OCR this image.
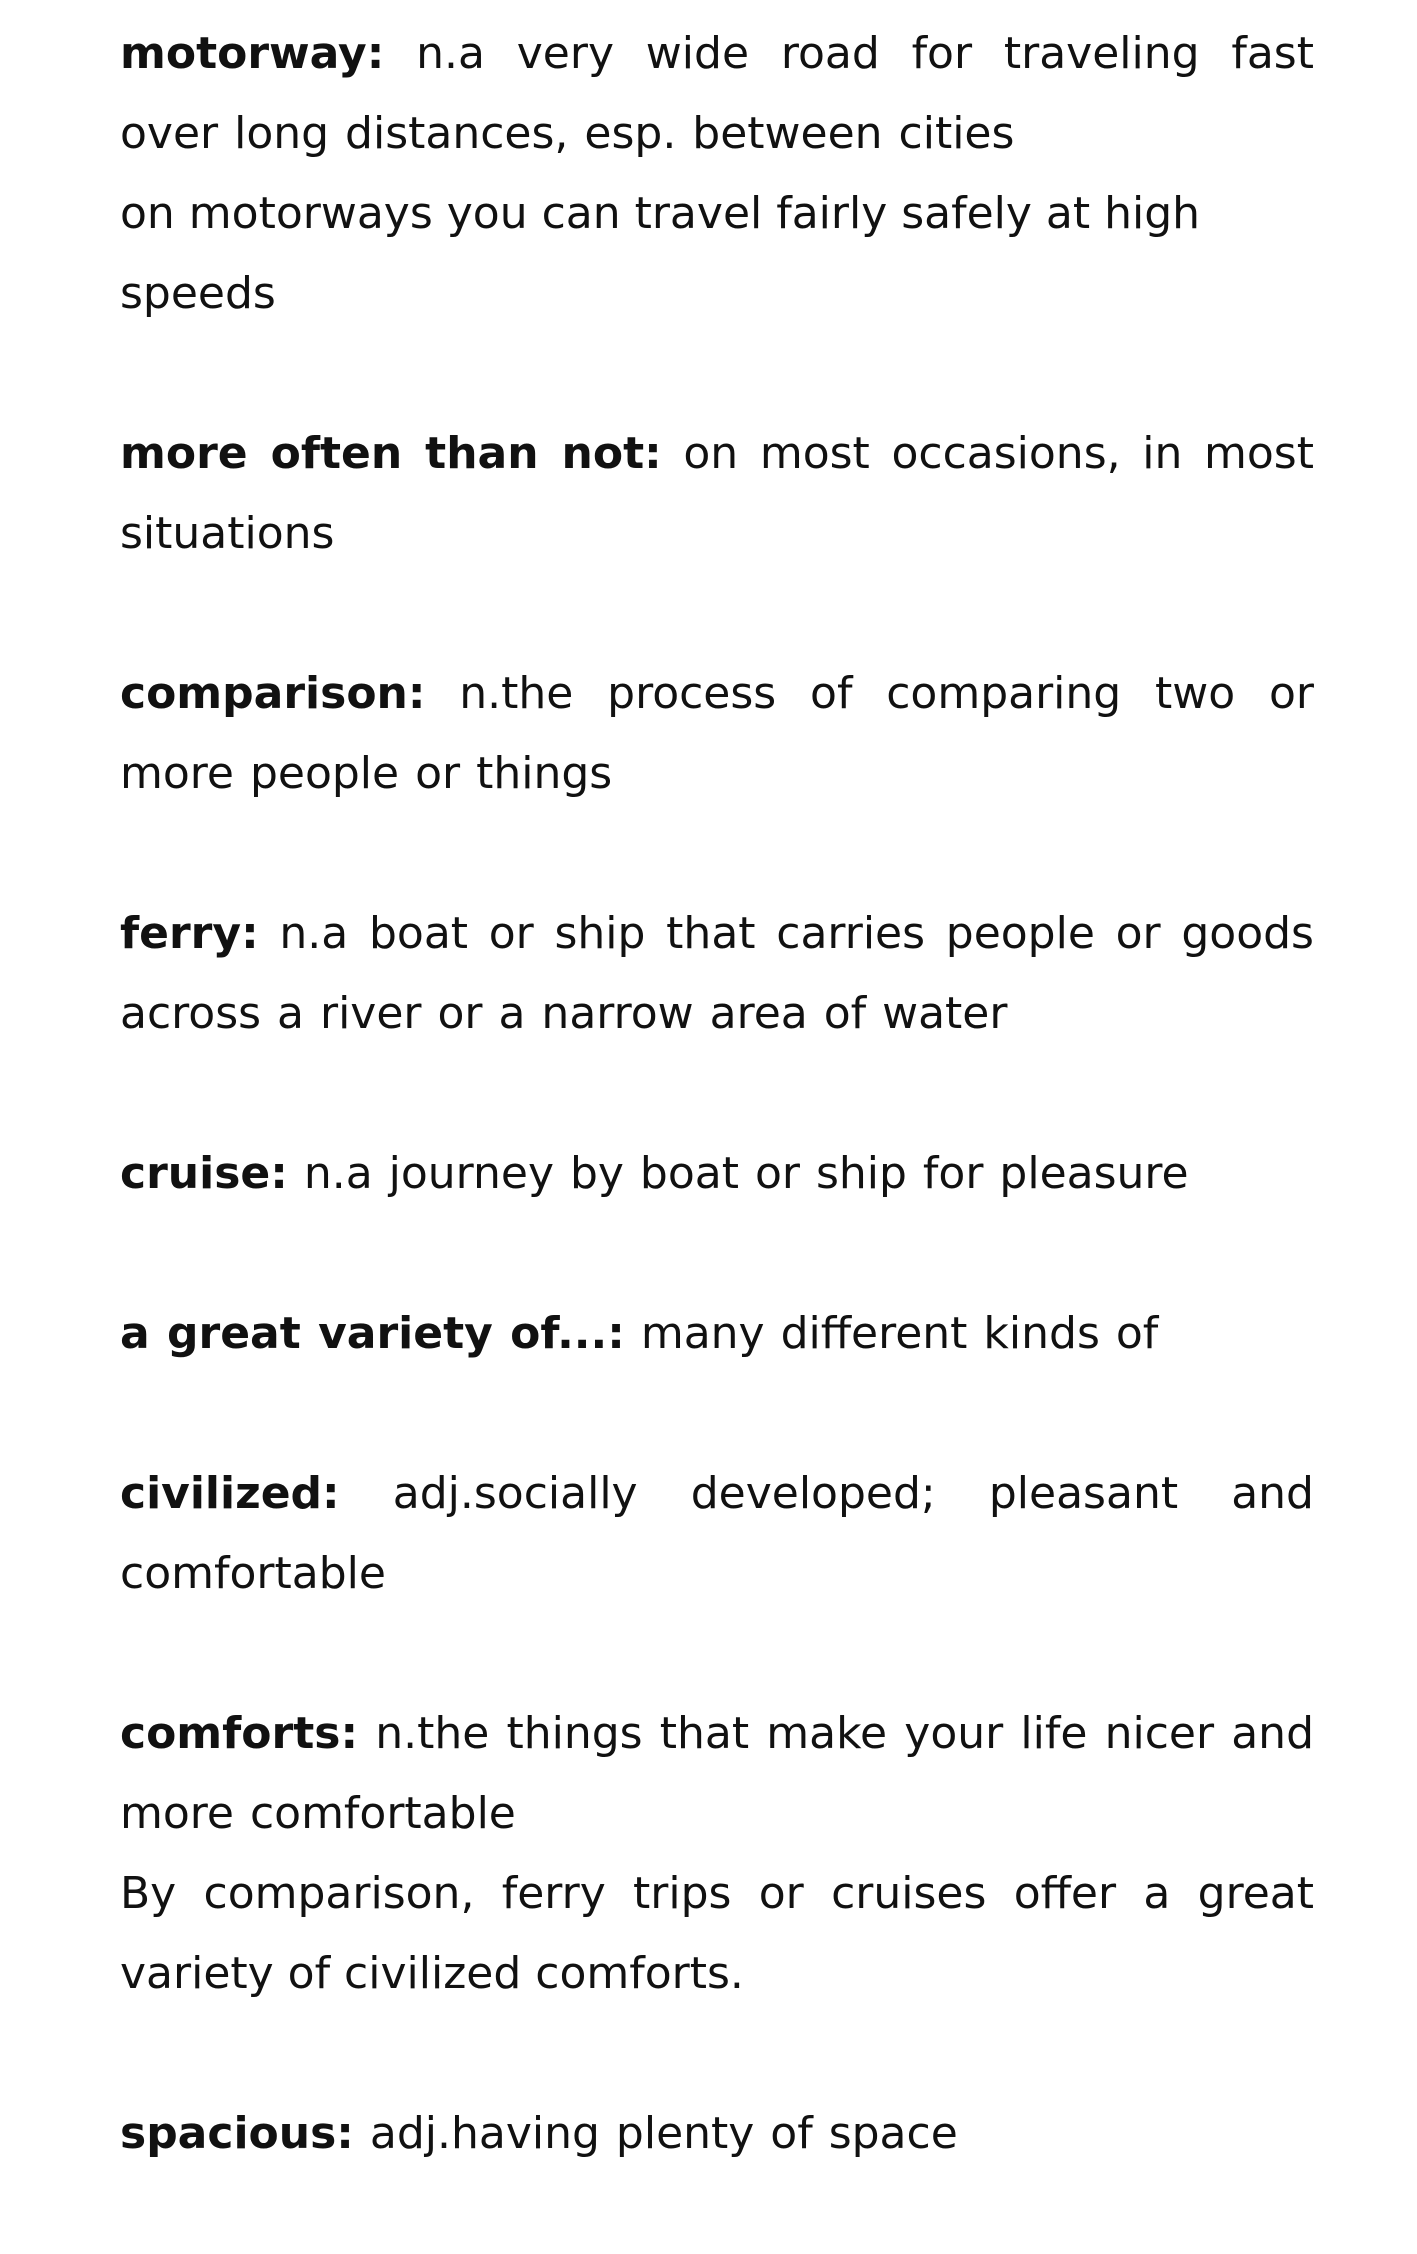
motorway: n.a very wide road for traveling fast over long distances, esp. between cities
on motorways you can travel fairly safely at high speeds
more often than not: on most occasions, in most situations
comparison: n.the process of comparing two or more people or things
ferry: n.a boat or ship that carries people or goods across a river or a narrow area of water
cruise: n.a journey by boat or ship for pleasure
a great variety of...: many different kinds of
civilized: adj.socially developed; pleasant and comfortable
comforts: n.the things that make your life nicer and more comfortable
By comparison, ferry trips or cruises offer a great variety of civilized comforts.
spacious: adj.having plenty of space
